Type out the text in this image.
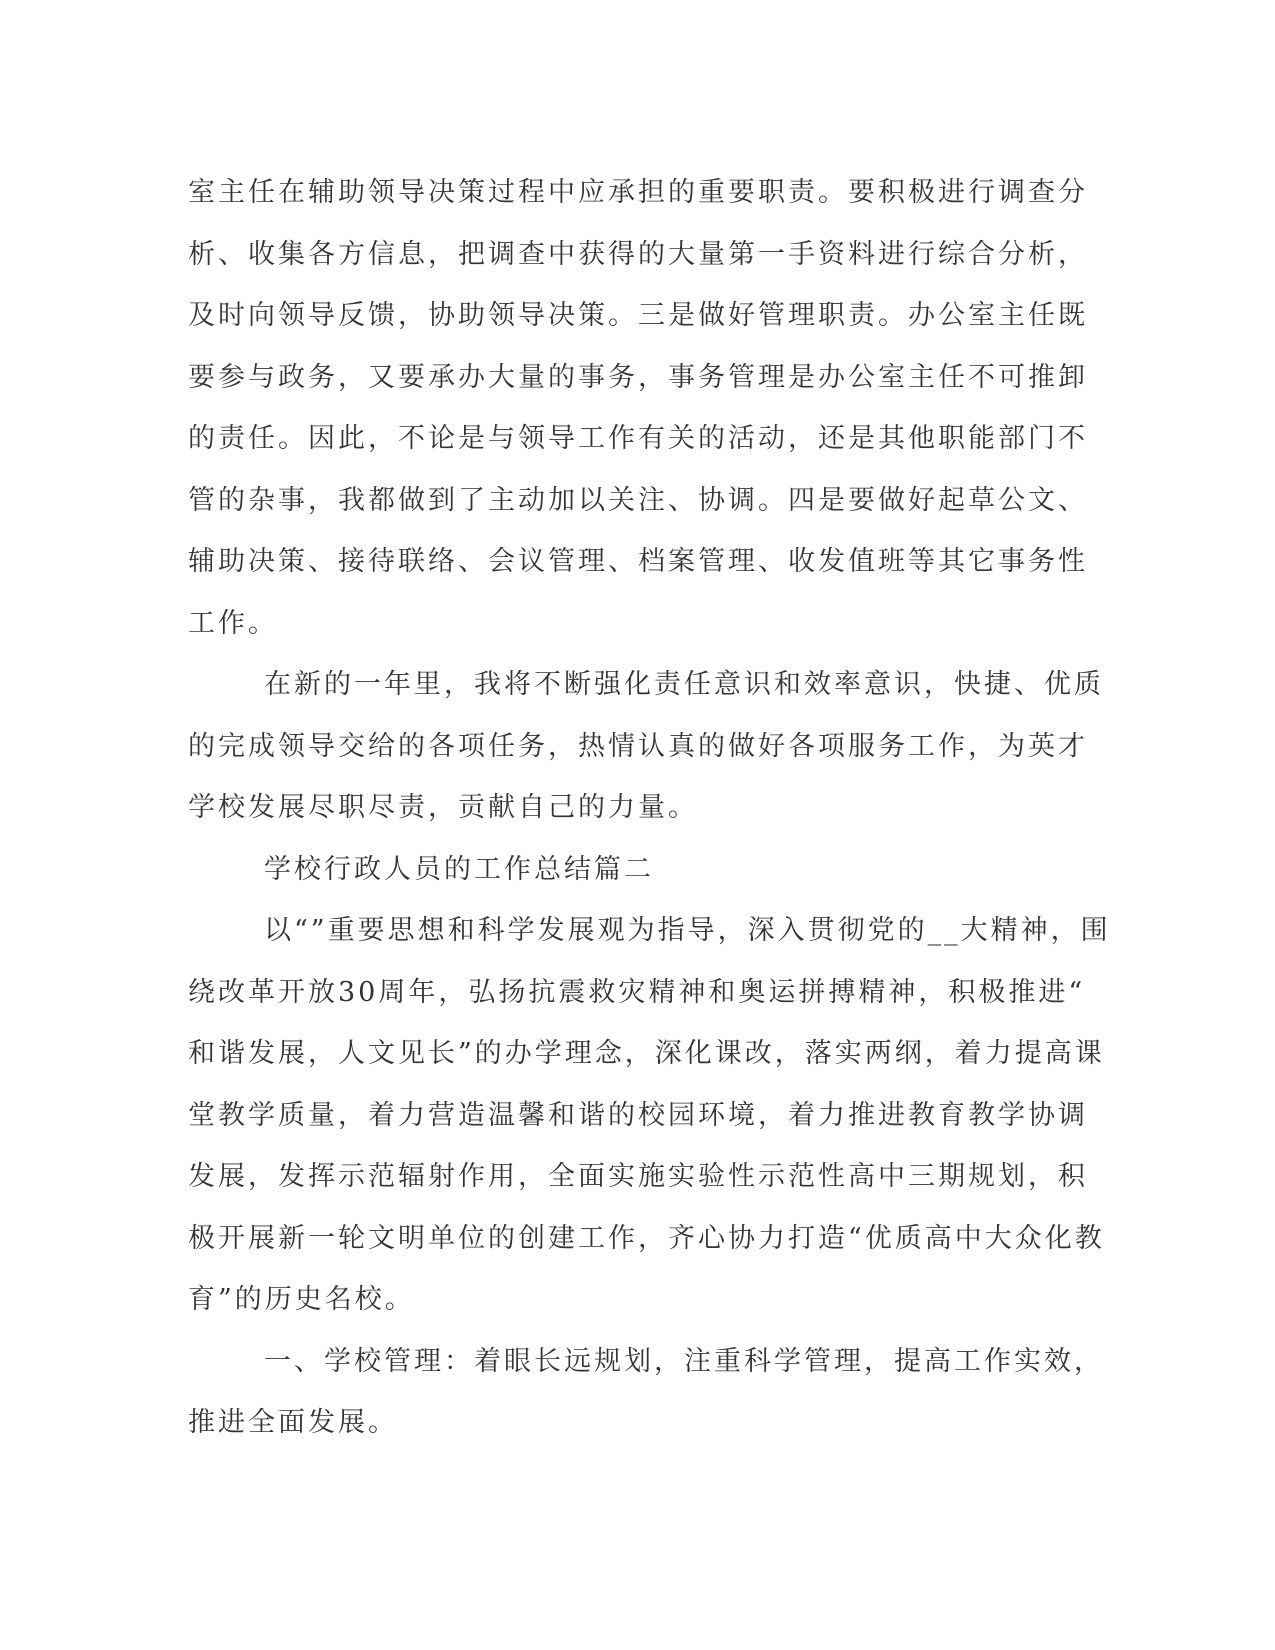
室主任在辅助领导决策过程中应承担的重要职责。要积极进行调查分
析、收集各方信息，把调查中获得的大量第一手资料进行综合分析，
及时向领导反馈，协助领导决策。三是做好管理职责。办公室主任既
要参与政务，又要承办大量的事务，事务管理是办公室主任不可推卸
的责任。因此，不论是与领导工作有关的活动，还是其他职能部门不
管的杂事，我都做到了主动加以关注、协调。四是要做好起草公文、
辅助决策、接待联络、会议管理、档案管理、收发值班等其它事务性
工作。
在新的一年里，我将不断强化责任意识和效率意识，快捷、优质
的完成领导交给的各项任务，热情认真的做好各项服务工作，为英才
学校发展尽职尽责，贡献自己的力量。
学校行政人员的工作总结篇二
以“”重要思想和科学发展观为指导，深入贯彻党的__大精神，围
绕改革开放30周年，弘扬抗震救灾精神和奥运拼搏精神，积极推进“
和谐发展，人文见长”的办学理念，深化课改，落实两纲，着力提高课
堂教学质量，着力营造温馨和谐的校园环境，着力推进教育教学协调
发展，发挥示范辐射作用，全面实施实验性示范性高中三期规划，积
极开展新一轮文明单位的创建工作，齐心协力打造“优质高中大众化教
育”的历史名校。
一、学校管理：着眼长远规划，注重科学管理，提高工作实效，
推进全面发展。
